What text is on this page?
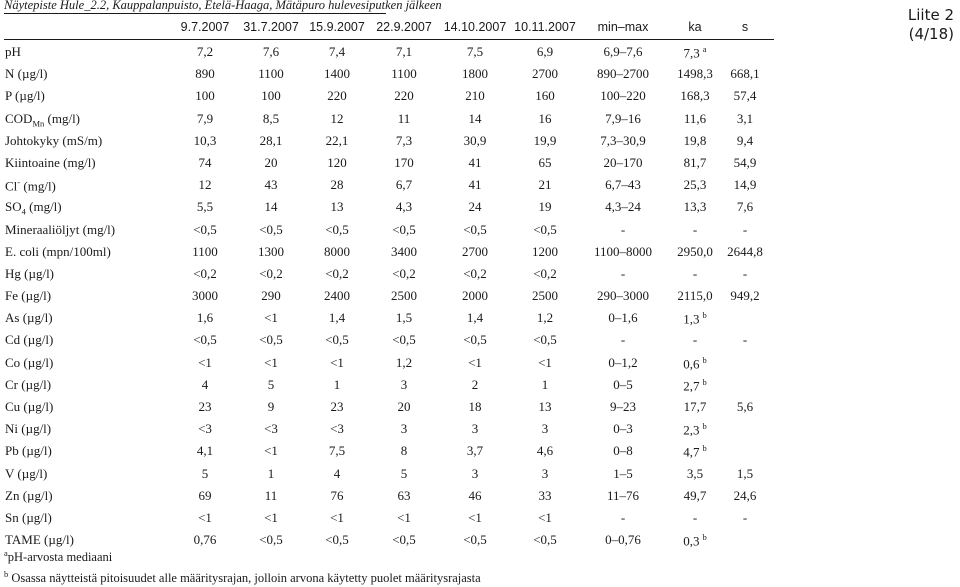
Näytepiste Hule_2.2, Kauppalanpuisto, Etelä-Haaga, Mätäpuro hulevesiputken jälkeen
Liite 2
(4/18)
9.7.2007	31.7.2007 15.9.2007 22.9.2007 14.10.2007 10.11.2007	min–max	ka	s
pH	7,2	7,6	7,4	7,1	7,5	6,9	6,9–7,6	7,3 $^a$
N (µg/l)	890	1100	1400	1100	1800	2700	890–2700	1498,3	668,1
P (µg/l)	100	100	220	220	210	160	100–220	168,3	57,4
$COD_{Mn}$ (mg/l)	7,9	8,5	12	11	14	16	7,9–16	11,6	3,1
Johtokyky (mS/m)	10,3	28,1	22,1	7,3	30,9	19,9	7,3–30,9	19,8	9,4
Kiintoaine (mg/l)	74	20	120	170	41	65	20–170	81,7	54,9
Cl- (mg/l)	12	43	28	6,7	41	21	6,7–43	25,3	14,9
$SO_4$ (mg/l)	5,5	14	13	4,3	24	19	4,3–24	13,3	7,6
Mineraaliöljyt (mg/l)	<0,5	<0,5	<0,5	<0,5	<0,5	<0,5	-	-	-
E. coli (mpn/100ml)	1100	1300	8000	3400	2700	1200	1100–8000	2950,0	2644,8
Hg (µg/l)	<0,2	<0,2	<0,2	<0,2	<0,2	<0,2	-	-	-
Fe (µg/l)	3000	290	2400	2500	2000	2500	290–3000	2115,0	949,2
As (µg/l)	1,6	<1	1,4	1,5	1,4	1,2	0–1,6	1,3 $^b$
Cd (µg/l)	<0,5	<0,5	<0,5	<0,5	<0,5	<0,5	-	-	-
Co (µg/l)	<1	<1	<1	1,2	<1	<1	0–1,2	0,6 $^b$
Cr (µg/l)	4	5	1	3	2	1	0–5	2,7 $^b$
Cu (µg/l)	23	9	23	20	18	13	9–23	17,7	5,6
Ni (µg/l)	<3	<3	<3	3	3	3	0–3	2,3 $^b$
Pb (µg/l)	4,1	<1	7,5	8	3,7	4,6	0–8	4,7 $^b$
V (µg/l)	5	1	4	5	3	3	1–5	3,5	1,5
Zn (µg/l)	69	11	76	63	46	33	11–76	49,7	24,6
Sn (µg/l)	<1	<1	<1	<1	<1	<1	-	-	-
TAME (µg/l)	0,76	<0,5	<0,5	<0,5	<0,5	<0,5	0–0,76	0,3 $^b$
$^a$pH-arvosta mediaani
$^b$ Osassa näytteistä pitoisuudet alle määritysrajan, jolloin arvona käytetty puolet määritysrajasta
